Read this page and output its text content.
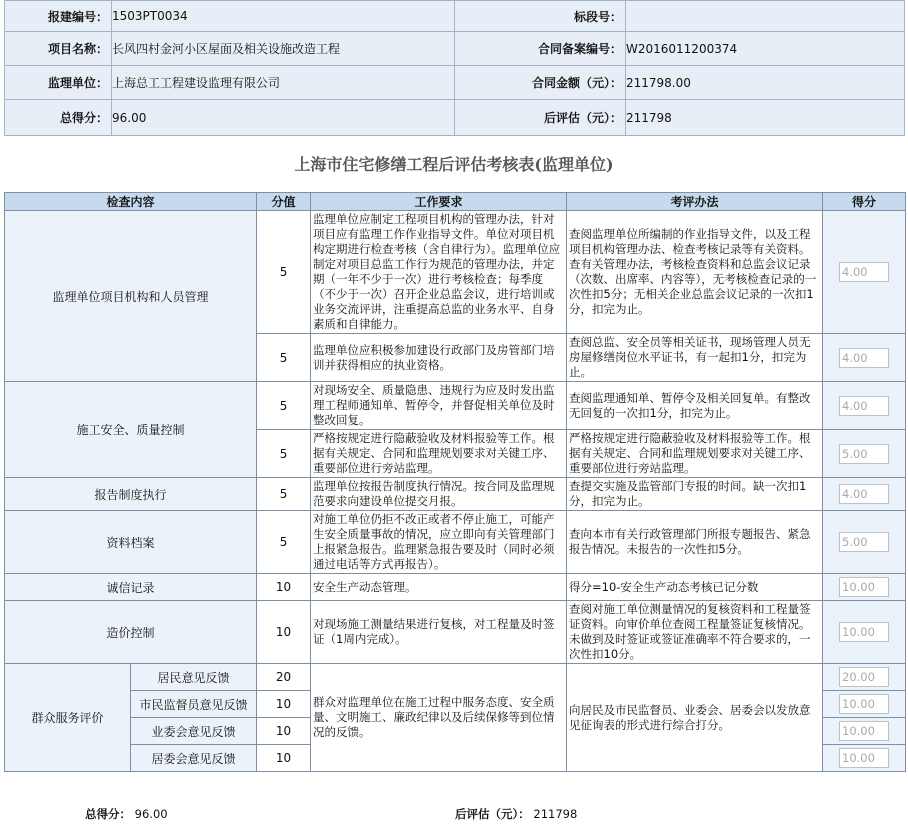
报建编号：	1503PT0034	标段号：	
项目名称：	长风四村金河小区屋面及相关设施改造工程	合同备案编号：	W2016011200374
监理单位：	上海总工工程建设监理有限公司	合同金额（元）：	211798.00
总得分：	96.00	后评估（元）：	211798
上海市住宅修缮工程后评估考核表(监理单位)
检查内容		分值	工作要求	考评办法	得分
监理单位项目机构和人员管理		5	监理单位应制定工程项目机构的管理办法，针对项目应有监理工作作业指导文件。单位对项目机构定期进行检查考核（含自律行为）。监理单位应制定对项目总监工作行为规范的管理办法，并定期（一年不少于一次）进行考核检查；每季度（不少于一次）召开企业总监会议，进行培训或业务交流评讲，注重提高总监的业务水平、自身素质和自律能力。	查阅监理单位所编制的作业指导文件，以及工程项目机构管理办法、检查考核记录等有关资料。查有关管理办法，考核检查资料和总监会议记录（次数、出席率、内容等），无考核检查记录的一次性扣5分；无相关企业总监会议记录的一次扣1分，扣完为止。	4.00
		5	监理单位应积极参加建设行政部门及房管部门培训并获得相应的执业资格。	查阅总监、安全员等相关证书，现场管理人员无房屋修缮岗位水平证书，有一起扣1分，扣完为止。	4.00
施工安全、质量控制		5	对现场安全、质量隐患、违规行为应及时发出监理工程师通知单、暂停令，并督促相关单位及时整改回复。	查阅监理通知单、暂停令及相关回复单。有整改无回复的一次扣1分，扣完为止。	4.00
		5	严格按规定进行隐蔽验收及材料报验等工作。根据有关规定、合同和监理规划要求对关键工序、重要部位进行旁站监理。	严格按规定进行隐蔽验收及材料报验等工作。根据有关规定、合同和监理规划要求对关键工序、重要部位进行旁站监理。	5.00
报告制度执行		5	监理单位按报告制度执行情况。按合同及监理规范要求向建设单位提交月报。	查提交实施及监管部门专报的时间。缺一次扣1分，扣完为止。	4.00
资料档案		5	对施工单位仍拒不改正或者不停止施工，可能产生安全质量事故的情况，应立即向有关管理部门上报紧急报告。监理紧急报告要及时（同时必须通过电话等方式再报告）。	查向本市有关行政管理部门所报专题报告、紧急报告情况。未报告的一次性扣5分。	5.00
诚信记录		10	安全生产动态管理。	得分=10-安全生产动态考核已记分数	10.00
造价控制		10	对现场施工测量结果进行复核，对工程量及时签证（1周内完成）。	查阅对施工单位测量情况的复核资料和工程量签证资料。向审价单位查阅工程量签证复核情况。未做到及时签证或签证准确率不符合要求的，一次性扣10分。	10.00
群众服务评价	居民意见反馈	20	群众对监理单位在施工过程中服务态度、安全质量、文明施工、廉政纪律以及后续保修等到位情况的反馈。	向居民及市民监督员、业委会、居委会以发放意见征询表的形式进行综合打分。	20.00
	市民监督员意见反馈	10	10.00
	业委会意见反馈	10	10.00
	居委会意见反馈	10	10.00
总得分： 96.00	后评估（元）： 211798
